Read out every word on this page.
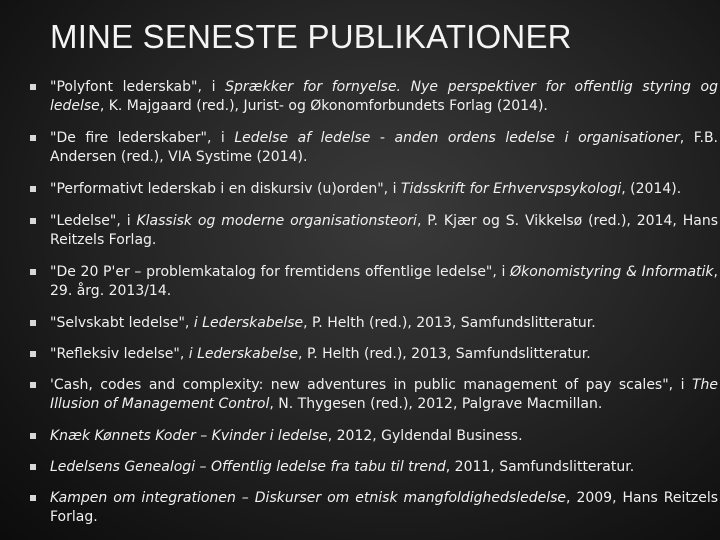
MINE SENESTE PUBLIKATIONER
"Polyfont lederskab", i Sprækker for fornyelse. Nye perspektiver for offentlig styring og ledelse, K. Majgaard (red.), Jurist- og Økonomforbundets Forlag (2014).
"De fire lederskaber", i Ledelse af ledelse - anden ordens ledelse i organisationer, F.B. Andersen (red.), VIA Systime (2014).
"Performativt lederskab i en diskursiv (u)orden", i Tidsskrift for Erhvervspsykologi, (2014).
"Ledelse", i Klassisk og moderne organisationsteori, P. Kjær og S. Vikkelsø (red.), 2014, Hans Reitzels Forlag.
"De 20 P'er – problemkatalog for fremtidens offentlige ledelse", i Økonomistyring & Informatik, 29. årg. 2013/14.
"Selvskabt ledelse", i Lederskabelse, P. Helth (red.), 2013, Samfundslitteratur.
"Refleksiv ledelse", i Lederskabelse, P. Helth (red.), 2013, Samfundslitteratur.
'Cash, codes and complexity: new adventures in public management of pay scales", i The Illusion of Management Control, N. Thygesen (red.), 2012, Palgrave Macmillan.
Knæk Kønnets Koder – Kvinder i ledelse, 2012, Gyldendal Business.
Ledelsens Genealogi – Offentlig ledelse fra tabu til trend, 2011, Samfundslitteratur.
Kampen om integrationen – Diskurser om etnisk mangfoldighedsledelse, 2009, Hans Reitzels Forlag.
